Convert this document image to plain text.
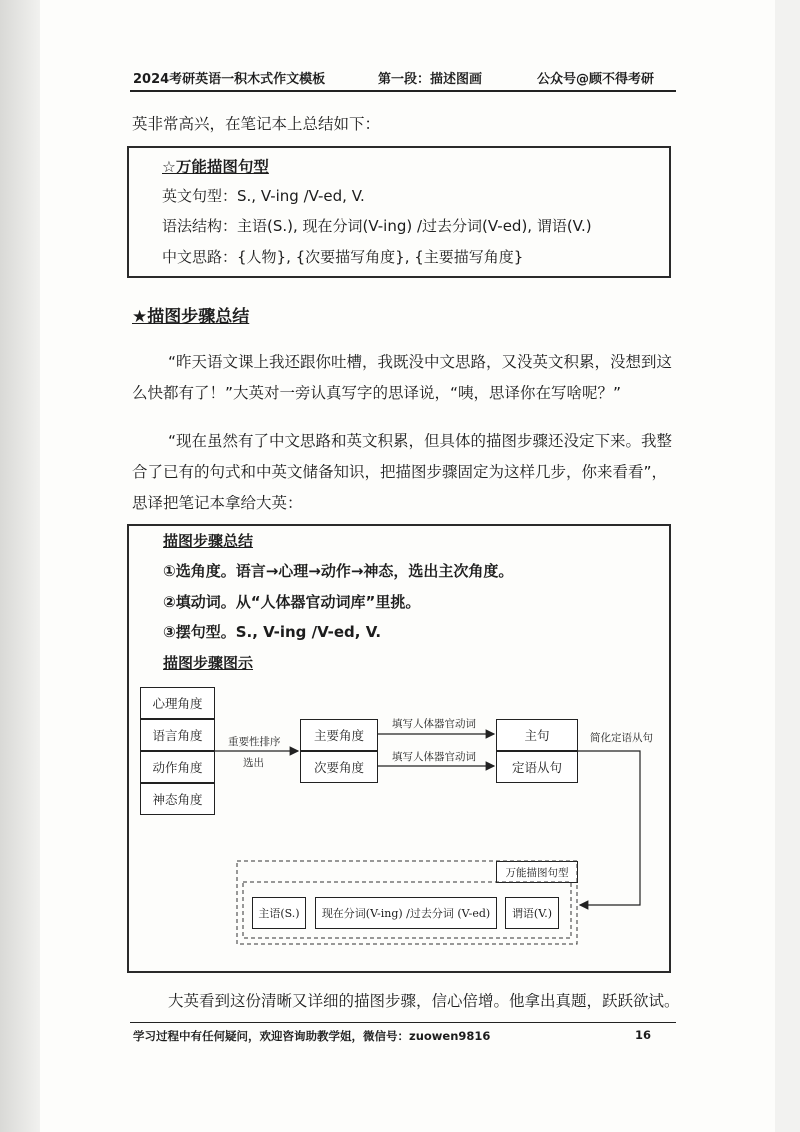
2024考研英语一积木式作文模板	第一段：描述图画	公众号@顾不得考研
英非常高兴，在笔记本上总结如下：
☆万能描图句型
英文句型：S., V-ing /V-ed, V.
语法结构：主语(S.), 现在分词(V-ing) /过去分词(V-ed), 谓语(V.)
中文思路：{人物}, {次要描写角度}, {主要描写角度}
★描图步骤总结
“昨天语文课上我还跟你吐槽，我既没中文思路，又没英文积累，没想到这
么快都有了！”大英对一旁认真写字的思译说，“咦，思译你在写啥呢？”
“现在虽然有了中文思路和英文积累，但具体的描图步骤还没定下来。我整
合了已有的句式和中英文储备知识，把描图步骤固定为这样几步，你来看看”，
思译把笔记本拿给大英：
描图步骤总结
①选角度。语言→心理→动作→神态，选出主次角度。
②填动词。从“人体器官动词库”里挑。
③摆句型。S., V-ing /V-ed, V.
描图步骤图示
心理角度
语言角度
动作角度
神态角度
重要性排序
选出
主要角度
次要角度
填写人体器官动词
填写人体器官动词
主句
定语从句
简化定语从句
万能描图句型
主语(S.)	现在分词(V-ing) /过去分词 (V-ed)	谓语(V.)
大英看到这份清晰又详细的描图步骤，信心倍增。他拿出真题，跃跃欲试。
学习过程中有任何疑问，欢迎咨询助教学姐，微信号：zuowen9816	16
